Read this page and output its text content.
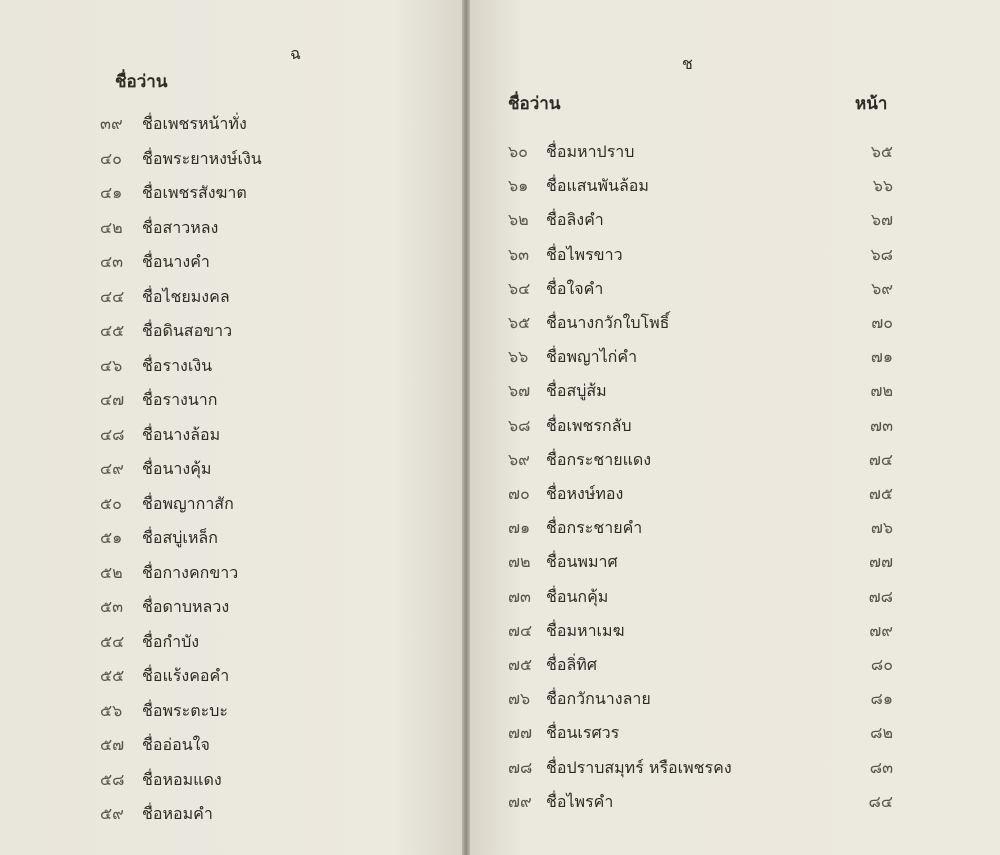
ฉ
ชื่อว่าน
๓๙ ชื่อเพชรหน้าทั่ง
๔๐ ชื่อพระยาหงษ์เงิน
๔๑ ชื่อเพชรสังฆาต
๔๒ ชื่อสาวหลง
๔๓ ชื่อนางคำ
๔๔ ชื่อไชยมงคล
๔๕ ชื่อดินสอขาว
๔๖ ชื่อรางเงิน
๔๗ ชื่อรางนาก
๔๘ ชื่อนางล้อม
๔๙ ชื่อนางคุ้ม
๕๐ ชื่อพญากาสัก
๕๑ ชื่อสบู่เหล็ก
๕๒ ชื่อกางคกขาว
๕๓ ชื่อดาบหลวง
๕๔ ชื่อกำบัง
๕๕ ชื่อแร้งคอคำ
๕๖ ชื่อพระตะบะ
๕๗ ชื่ออ่อนใจ
๕๘ ชื่อหอมแดง
๕๙ ชื่อหอมคำ
ช
ชื่อว่าน	หน้า
๖๐ ชื่อมหาปราบ	๖๕
๖๑ ชื่อแสนพันล้อม	๖๖
๖๒ ชื่อลิงคำ	๖๗
๖๓ ชื่อไพรขาว	๖๘
๖๔ ชื่อใจคำ	๖๙
๖๕ ชื่อนางกวักใบโพธิ์	๗๐
๖๖ ชื่อพญาไก่คำ	๗๑
๖๗ ชื่อสบู่ส้ม	๗๒
๖๘ ชื่อเพชรกลับ	๗๓
๖๙ ชื่อกระชายแดง	๗๔
๗๐ ชื่อหงษ์ทอง	๗๕
๗๑ ชื่อกระชายคำ	๗๖
๗๒ ชื่อนพมาศ	๗๗
๗๓ ชื่อนกคุ้ม	๗๘
๗๔ ชื่อมหาเมฆ	๗๙
๗๕ ชื่อลิ่ทิศ	๘๐
๗๖ ชื่อกวักนางลาย	๘๑
๗๗ ชื่อนเรศวร	๘๒
๗๘ ชื่อปราบสมุทร์ หรือเพชรคง	๘๓
๗๙ ชื่อไพรคำ	๘๔
